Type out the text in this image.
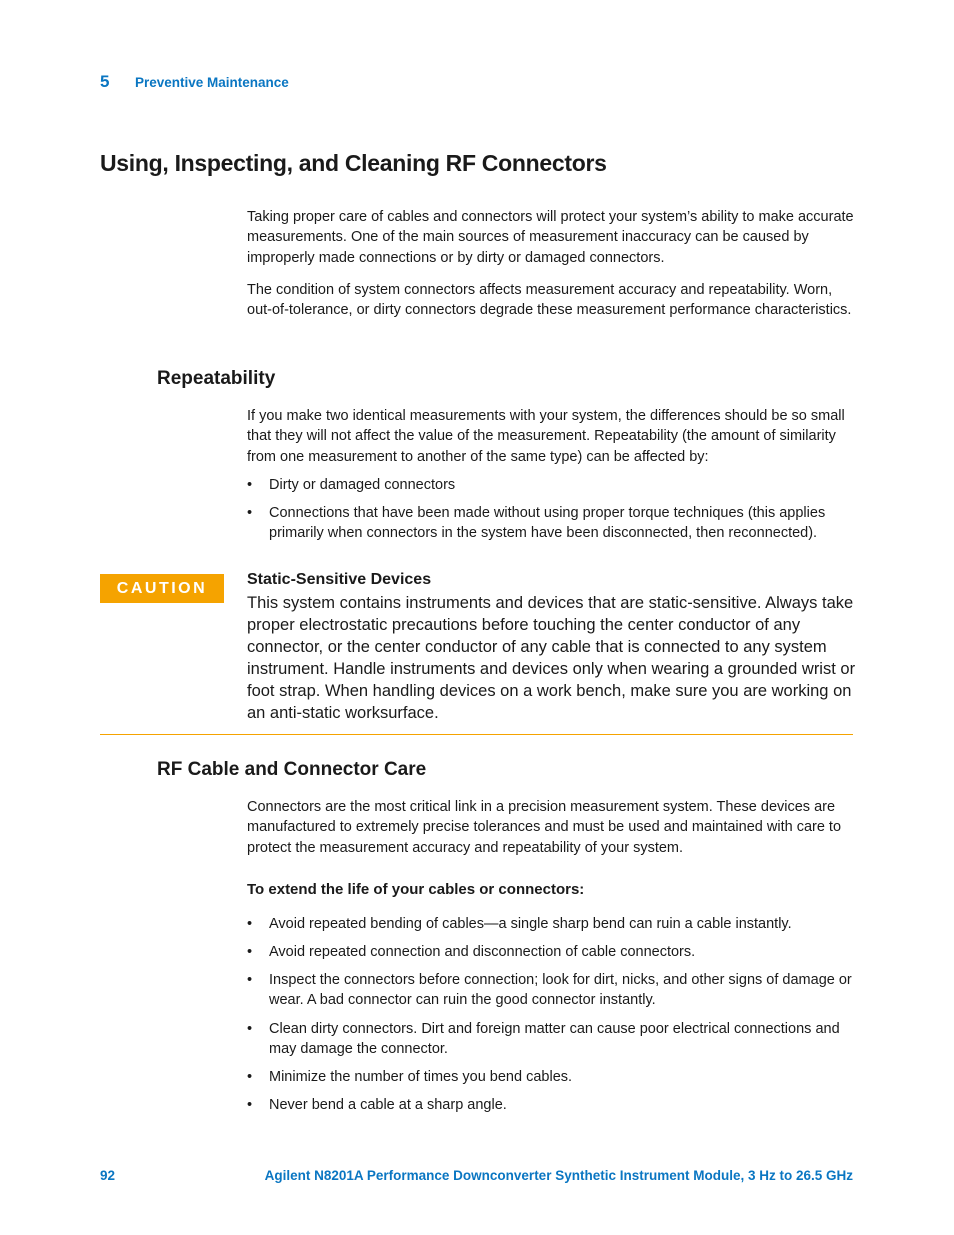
5 Preventive Maintenance
Using, Inspecting, and Cleaning RF Connectors

Taking proper care of cables and connectors will protect your system’s ability to make accurate measurements. One of the main sources of measurement inaccuracy can be caused by improperly made connections or by dirty or damaged connectors.

The condition of system connectors affects measurement accuracy and repeatability. Worn, out-of-tolerance, or dirty connectors degrade these measurement performance characteristics.

Repeatability

If you make two identical measurements with your system, the differences should be so small that they will not affect the value of the measurement. Repeatability (the amount of similarity from one measurement to another of the same type) can be affected by:

•	Dirty or damaged connectors
•	Connections that have been made without using proper torque techniques (this applies primarily when connectors in the system have been disconnected, then reconnected).
CAUTION
Static-Sensitive Devices

This system contains instruments and devices that are static-sensitive. Always take proper electrostatic precautions before touching the center conductor of any connector, or the center conductor of any cable that is connected to any system instrument. Handle instruments and devices only when wearing a grounded wrist or foot strap. When handling devices on a work bench, make sure you are working on an anti-static worksurface.

RF Cable and Connector Care

Connectors are the most critical link in a precision measurement system. These devices are manufactured to extremely precise tolerances and must be used and maintained with care to protect the measurement accuracy and repeatability of your system.

To extend the life of your cables or connectors:
•	Avoid repeated bending of cables—a single sharp bend can ruin a cable instantly.
•	Avoid repeated connection and disconnection of cable connectors.
•	Inspect the connectors before connection; look for dirt, nicks, and other signs of damage or wear. A bad connector can ruin the good connector instantly.
•	Clean dirty connectors. Dirt and foreign matter can cause poor electrical connections and may damage the connector.
•	Minimize the number of times you bend cables.
•	Never bend a cable at a sharp angle.
92	Agilent N8201A Performance Downconverter Synthetic Instrument Module, 3 Hz to 26.5 GHz
